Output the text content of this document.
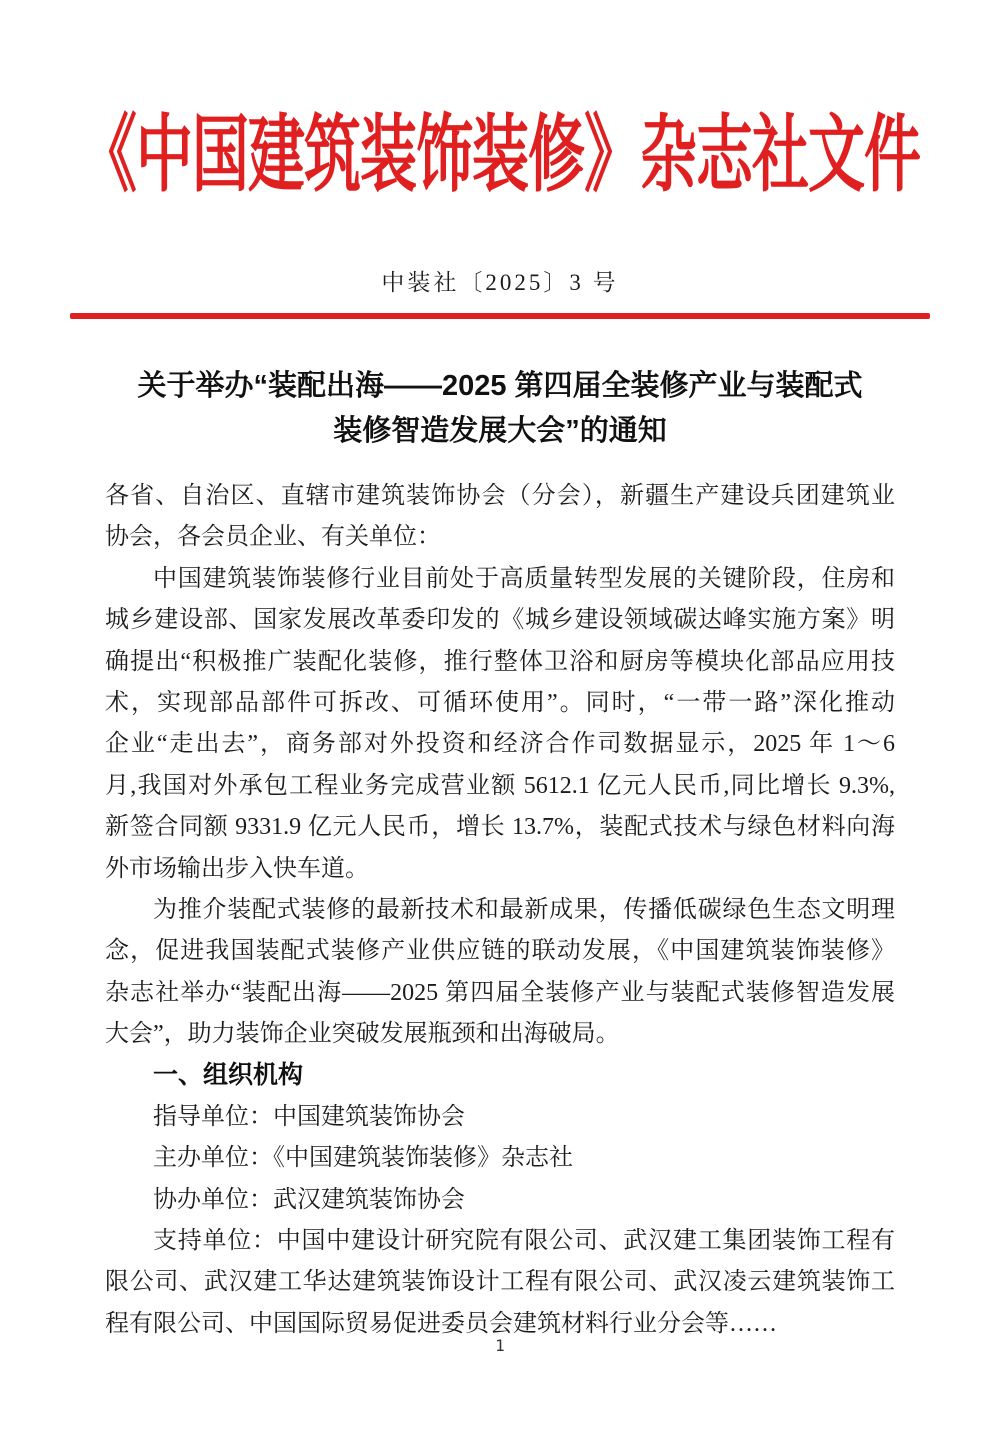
《中国建筑装饰装修》杂志社文件
中装社〔2025〕3 号
关于举办“装配出海——2025 第四届全装修产业与装配式
装修智造发展大会”的通知
各省、自治区、直辖市建筑装饰协会（分会），新疆生产建设兵团建筑业
协会，各会员企业、有关单位：
中国建筑装饰装修行业目前处于高质量转型发展的关键阶段，住房和
城乡建设部、国家发展改革委印发的《城乡建设领域碳达峰实施方案》明
确提出“积极推广装配化装修，推行整体卫浴和厨房等模块化部品应用技
术，实现部品部件可拆改、可循环使用”。同时，“一带一路”深化推动
企业“走出去”，商务部对外投资和经济合作司数据显示，2025 年 1～6
月,我国对外承包工程业务完成营业额 5612.1 亿元人民币,同比增长 9.3%,
新签合同额 9331.9 亿元人民币，增长 13.7%，装配式技术与绿色材料向海
外市场输出步入快车道。
为推介装配式装修的最新技术和最新成果，传播低碳绿色生态文明理
念，促进我国装配式装修产业供应链的联动发展，《中国建筑装饰装修》
杂志社举办“装配出海——2025 第四届全装修产业与装配式装修智造发展
大会”，助力装饰企业突破发展瓶颈和出海破局。
一、组织机构
指导单位：中国建筑装饰协会
主办单位：《中国建筑装饰装修》杂志社
协办单位：武汉建筑装饰协会
支持单位：中国中建设计研究院有限公司、武汉建工集团装饰工程有
限公司、武汉建工华达建筑装饰设计工程有限公司、武汉凌云建筑装饰工
程有限公司、中国国际贸易促进委员会建筑材料行业分会等……
1
